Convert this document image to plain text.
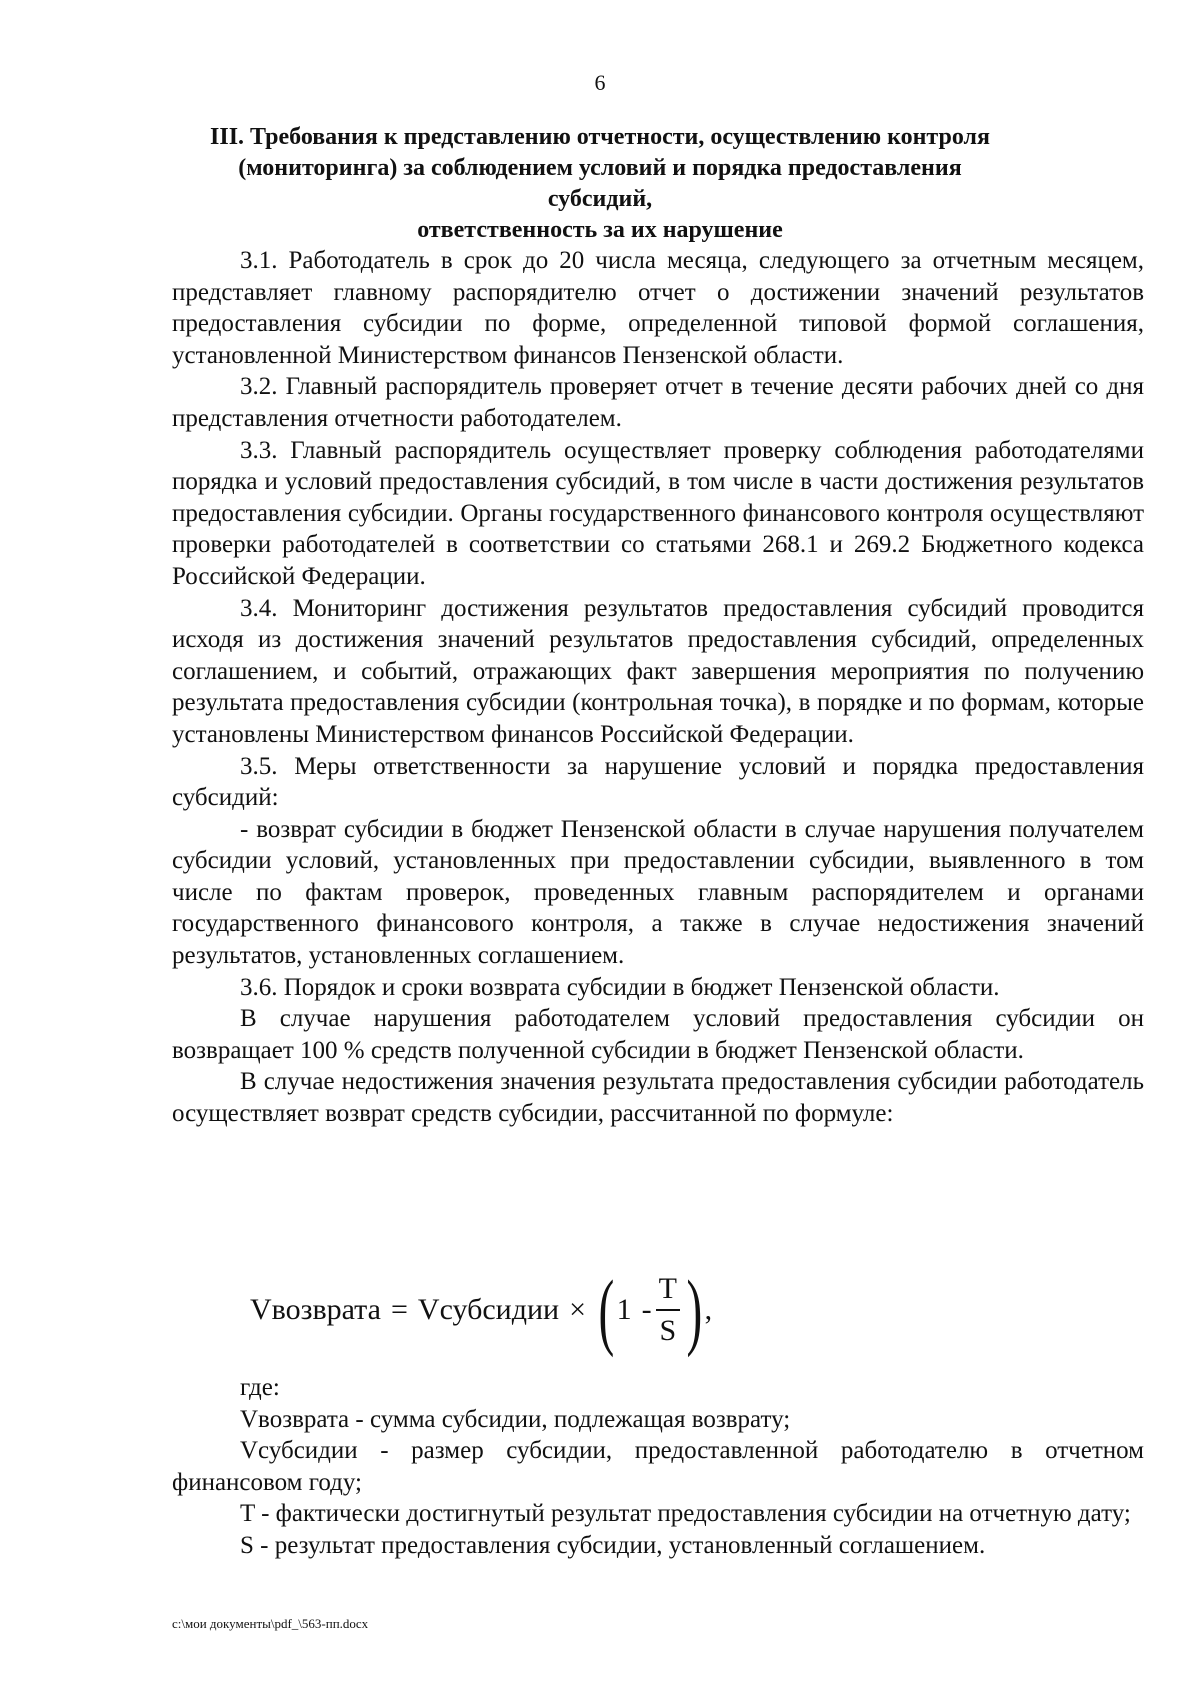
6
III. Требования к представлению отчетности, осуществлению контроля
(мониторинга) за соблюдением условий и порядка предоставления субсидий,
ответственность за их нарушение

3.1. Работодатель в срок до 20 числа месяца, следующего за отчетным месяцем, представляет главному распорядителю отчет о достижении значений результатов предоставления субсидии по форме, определенной типовой формой соглашения, установленной Министерством финансов Пензенской области.

3.2. Главный распорядитель проверяет отчет в течение десяти рабочих дней со дня представления отчетности работодателем.

3.3. Главный распорядитель осуществляет проверку соблюдения работодателями порядка и условий предоставления субсидий, в том числе в части достижения результатов предоставления субсидии. Органы государственного финансового контроля осуществляют проверки работодателей в соответствии со статьями 268.1 и 269.2 Бюджетного кодекса Российской Федерации.

3.4. Мониторинг достижения результатов предоставления субсидий проводится исходя из достижения значений результатов предоставления субсидий, определенных соглашением, и событий, отражающих факт завершения мероприятия по получению результата предоставления субсидии (контрольная точка), в порядке и по формам, которые установлены Министерством финансов Российской Федерации.

3.5. Меры ответственности за нарушение условий и порядка предоставления субсидий:

- возврат субсидии в бюджет Пензенской области в случае нарушения получателем субсидии условий, установленных при предоставлении субсидии, выявленного в том числе по фактам проверок, проведенных главным распорядителем и органами государственного финансового контроля, а также в случае недостижения значений результатов, установленных соглашением.

3.6. Порядок и сроки возврата субсидии в бюджет Пензенской области.

В случае нарушения работодателем условий предоставления субсидии он возвращает 100 % средств полученной субсидии в бюджет Пензенской области.

В случае недостижения значения результата предоставления субсидии работодатель осуществляет возврат средств субсидии, рассчитанной по формуле:

Vвозврата = Vсубсидии × ( $1 - \frac{T}{S}$ ) ,

где:

Vвозврата - сумма субсидии, подлежащая возврату;

Vсубсидии - размер субсидии, предоставленной работодателю в отчетном финансовом году;

T - фактически достигнутый результат предоставления субсидии на отчетную дату;

S - результат предоставления субсидии, установленный соглашением.

c:\мои документы\pdf_\563-пп.docx
